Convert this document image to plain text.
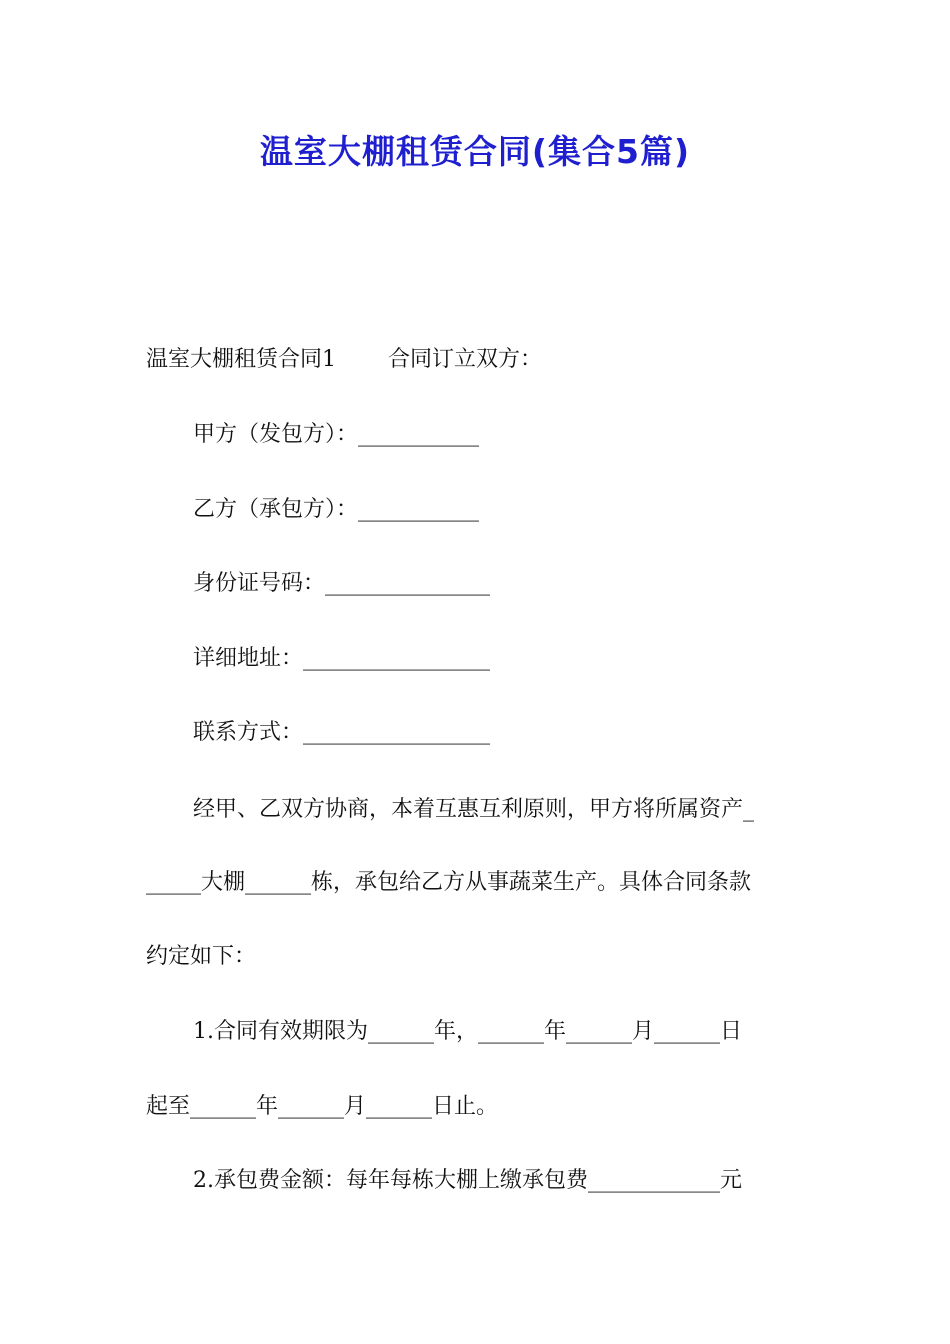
温室大棚租赁合同(集合5篇)
温室大棚租赁合同1 合同订立双方：
甲方（发包方）：___________
乙方（承包方）：___________
身份证号码：_______________
详细地址：_________________
联系方式：_________________
经甲、乙双方协商，本着互惠互利原则，甲方将所属资产_
_____大棚______栋，承包给乙方从事蔬菜生产。具体合同条款
约定如下：
1.合同有效期限为______年，______年______月______日
起至______年______月______日止。
2.承包费金额：每年每栋大棚上缴承包费____________元
